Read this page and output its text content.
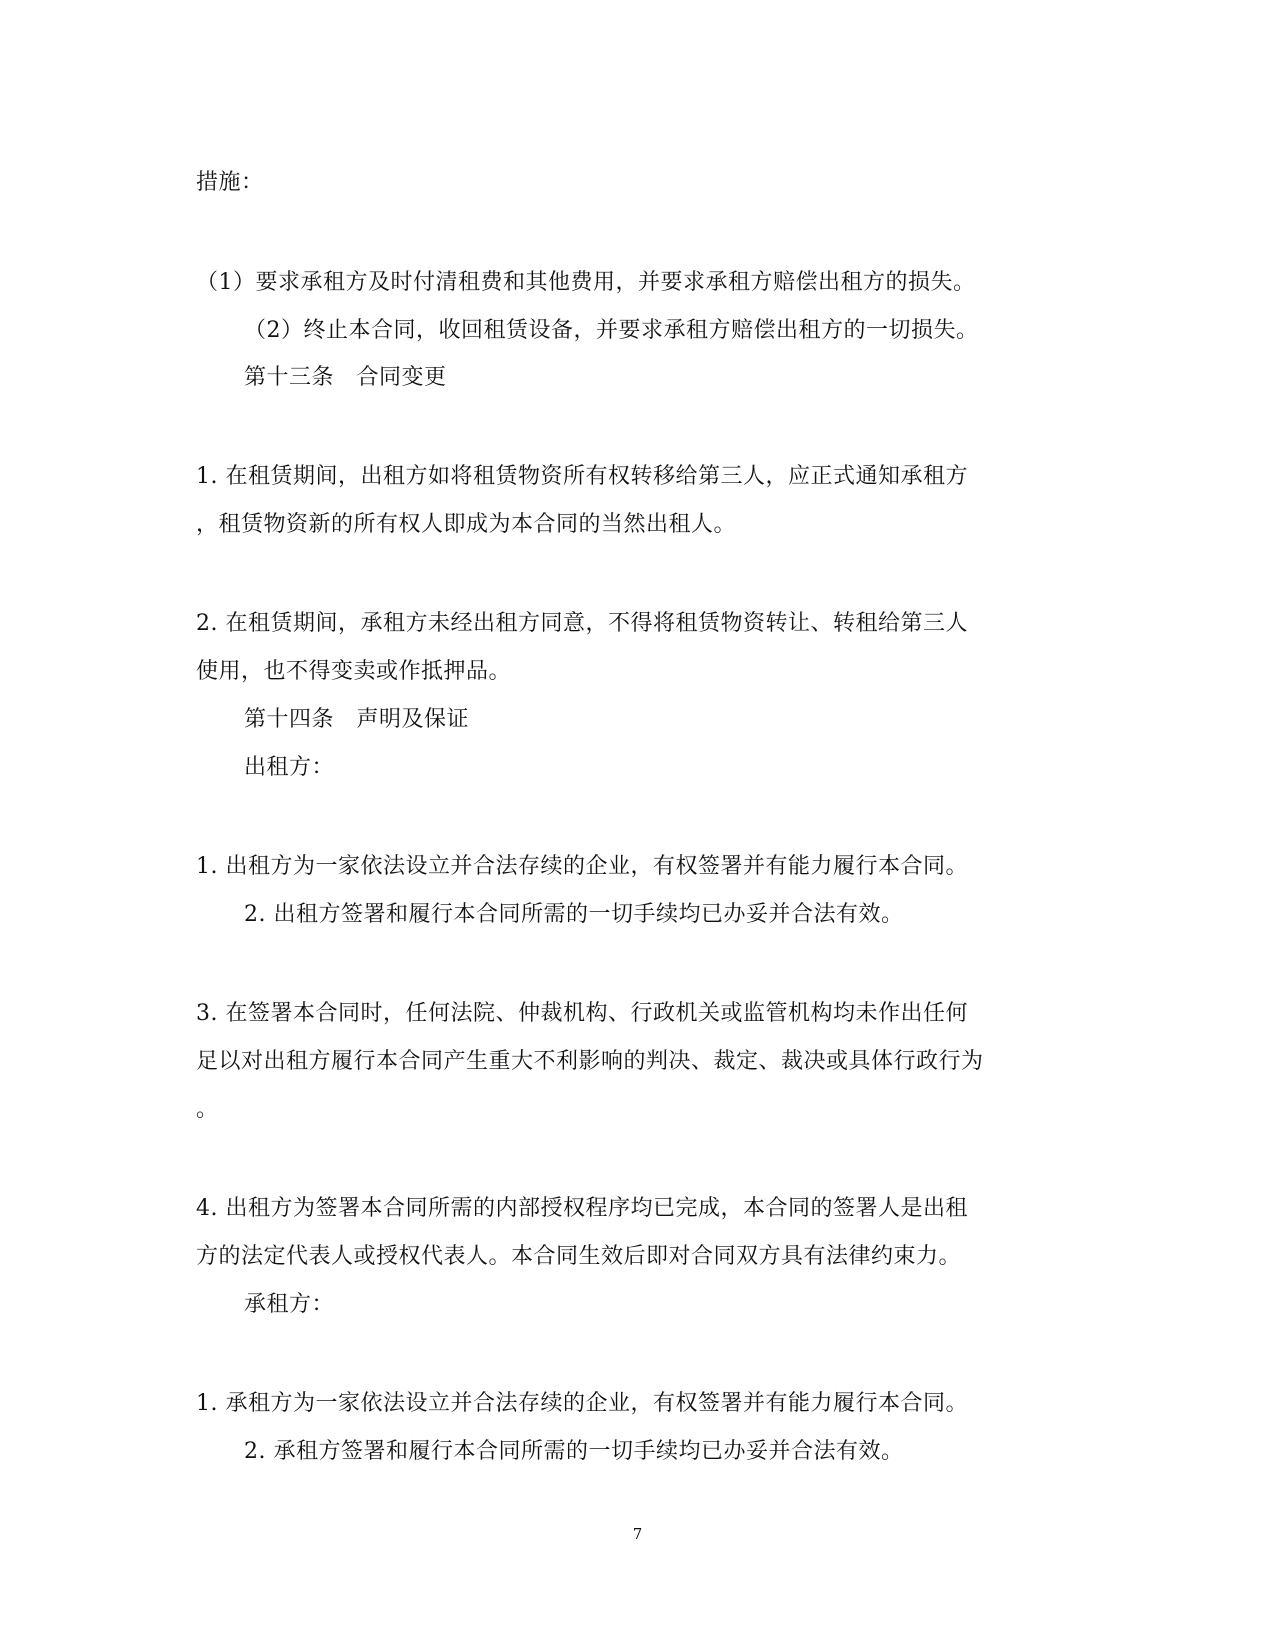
措施：
（1）要求承租方及时付清租费和其他费用，并要求承租方赔偿出租方的损失。
（2）终止本合同，收回租赁设备，并要求承租方赔偿出租方的一切损失。
第十三条　合同变更
1. 在租赁期间，出租方如将租赁物资所有权转移给第三人，应正式通知承租方
，租赁物资新的所有权人即成为本合同的当然出租人。
2. 在租赁期间，承租方未经出租方同意，不得将租赁物资转让、转租给第三人
使用，也不得变卖或作抵押品。
第十四条　声明及保证
出租方：
1. 出租方为一家依法设立并合法存续的企业，有权签署并有能力履行本合同。
2. 出租方签署和履行本合同所需的一切手续均已办妥并合法有效。
3. 在签署本合同时，任何法院、仲裁机构、行政机关或监管机构均未作出任何
足以对出租方履行本合同产生重大不利影响的判决、裁定、裁决或具体行政行为
。
4. 出租方为签署本合同所需的内部授权程序均已完成，本合同的签署人是出租
方的法定代表人或授权代表人。本合同生效后即对合同双方具有法律约束力。
承租方：
1. 承租方为一家依法设立并合法存续的企业，有权签署并有能力履行本合同。
2. 承租方签署和履行本合同所需的一切手续均已办妥并合法有效。
7
